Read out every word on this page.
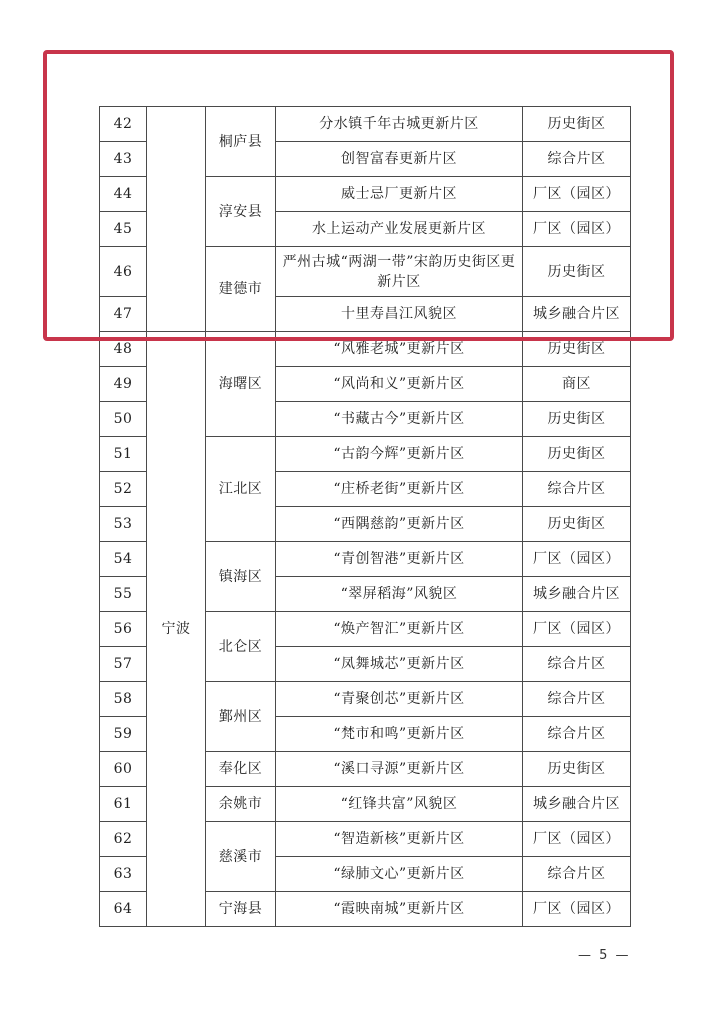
42		桐庐县	分水镇千年古城更新片区	历史街区
43			创智富春更新片区	综合片区
44		淳安县	威士忌厂更新片区	厂区（园区）
45			水上运动产业发展更新片区	厂区（园区）
46		建德市	严州古城“两湖一带”宋韵历史街区更新片区	历史街区
47			十里寿昌江风貌区	城乡融合片区
48	宁波	海曙区	“风雅老城”更新片区	历史街区
49			“风尚和义”更新片区	商区
50			“书藏古今”更新片区	历史街区
51		江北区	“古韵今辉”更新片区	历史街区
52			“庄桥老街”更新片区	综合片区
53			“西隅慈韵”更新片区	历史街区
54		镇海区	“青创智港”更新片区	厂区（园区）
55			“翠屏稻海”风貌区	城乡融合片区
56		北仑区	“焕产智汇”更新片区	厂区（园区）
57			“凤舞城芯”更新片区	综合片区
58		鄞州区	“青聚创芯”更新片区	综合片区
59			“梵市和鸣”更新片区	综合片区
60		奉化区	“溪口寻源”更新片区	历史街区
61		余姚市	“红锋共富”风貌区	城乡融合片区
62		慈溪市	“智造新核”更新片区	厂区（园区）
63			“绿肺文心”更新片区	综合片区
64		宁海县	“霞映南城”更新片区	厂区（园区）
— 5 —
